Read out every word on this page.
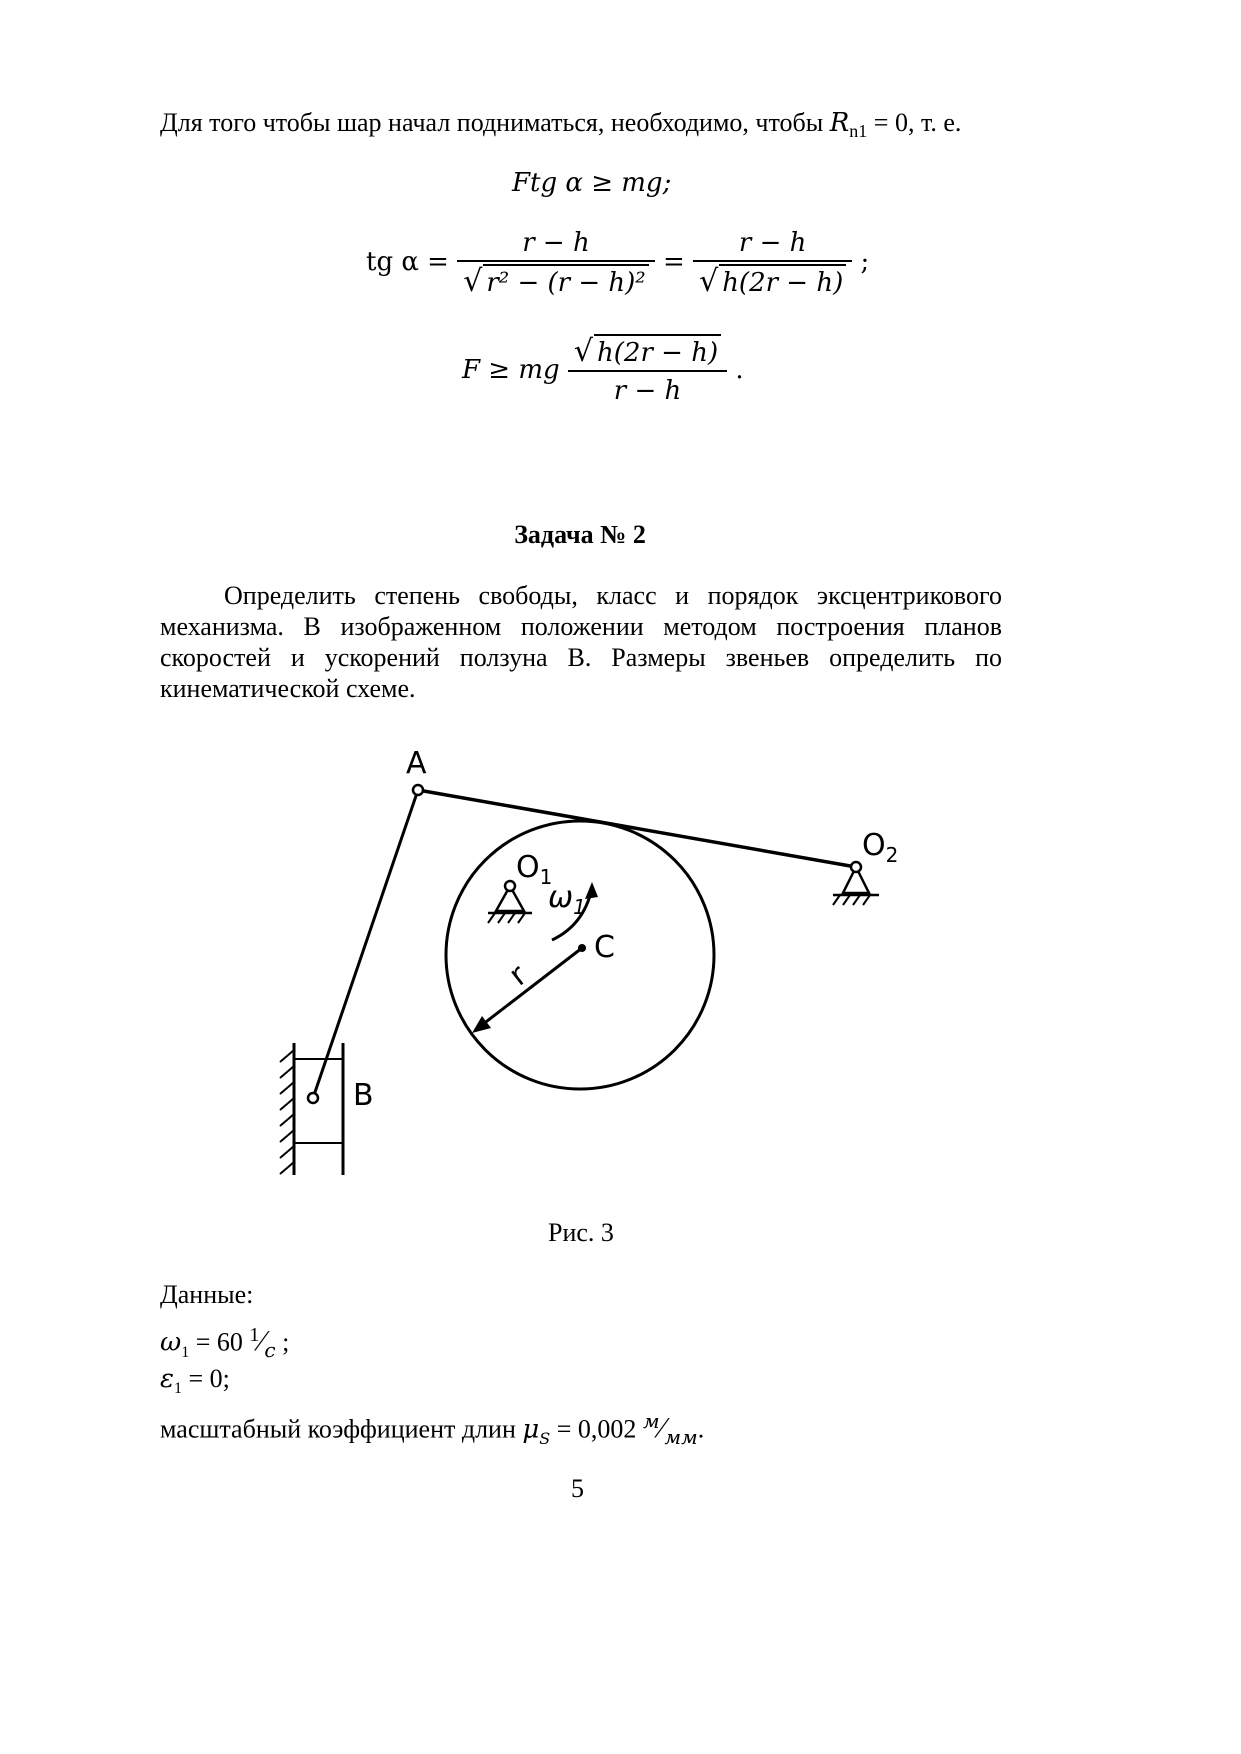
Для того чтобы шар начал подниматься, необходимо, чтобы $R_{n1} = 0$, т. е.
Ftg α ≥ mg;
tg $\alpha = \frac{r - h}{\text{√ r² − (r − h)²}} = \frac{r - h}{√ h(2r - h)}$ ;
F ≥ mg $\frac{√ h(2r - h)}{r - h}$ .
Задача № 2
Определить степень свободы, класс и порядок эксцентрикового механизма. В изображенном положении методом построения планов скоростей и ускорений ползуна B. Размеры звеньев определить по кинематической схеме.
A
$O_2$
$O_1$
$\omega_1$
C
r
B
Рис. 3
Данные:
$\omega_1 = 60$ $^1⁄_c$ ;
$\varepsilon_1 = 0$;
масштабный коэффициент длин $\mu_S = 0,002$ $^м⁄_{мм}$.
5
